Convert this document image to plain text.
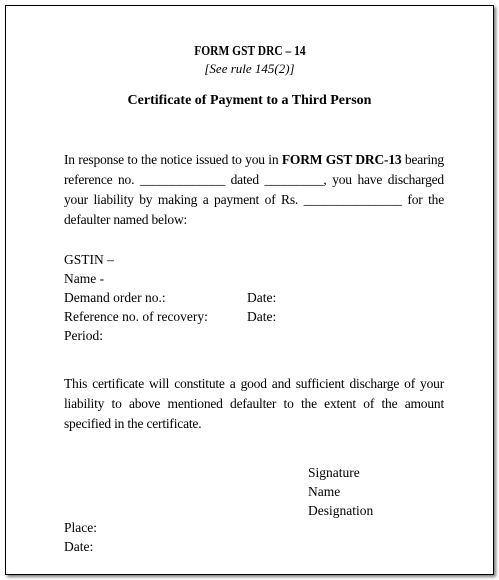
FORM GST DRC – 14
[See rule 145(2)]
Certificate of Payment to a Third Person
In response to the notice issued to you in FORM GST DRC-13 bearing reference no. _____________ dated _________, you have discharged your liability by making a payment of Rs. _______________ for the defaulter named below:
GSTIN –
Name -
Demand order no.:	Date:
Reference no. of recovery:	Date:
Period:
This certificate will constitute a good and sufficient discharge of your liability to above mentioned defaulter to the extent of the amount specified in the certificate.
Signature
Name
Designation
Place:
Date:
